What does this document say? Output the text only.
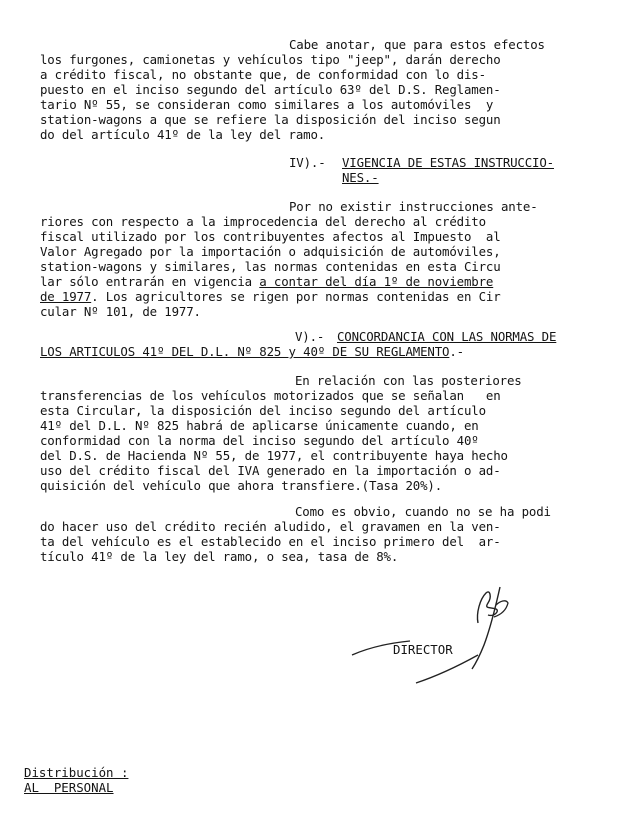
Cabe anotar, que para estos efectos
los furgones, camionetas y vehículos tipo "jeep", darán derecho
a crédito fiscal, no obstante que, de conformidad con lo dis-
puesto en el inciso segundo del artículo 63º del D.S. Reglamen-
tario Nº 55, se consideran como similares a los automóviles  y
station-wagons a que se refiere la disposición del inciso segun
do del artículo 41º de la ley del ramo.
IV).- VIGENCIA DE ESTAS INSTRUCCIO-
NES.-
Por no existir instrucciones ante-
riores con respecto a la improcedencia del derecho al crédito
fiscal utilizado por los contribuyentes afectos al Impuesto  al
Valor Agregado por la importación o adquisición de automóviles,
station-wagons y similares, las normas contenidas en esta Circu
lar sólo entrarán en vigencia a contar del día 1º de noviembre
de 1977. Los agricultores se rigen por normas contenidas en Cir
cular Nº 101, de 1977.
V).- CONCORDANCIA CON LAS NORMAS DE
LOS ARTICULOS 41º DEL D.L. Nº 825 y 40º DE SU REGLAMENTO.-
En relación con las posteriores
transferencias de los vehículos motorizados que se señalan   en
esta Circular, la disposición del inciso segundo del artículo
41º del D.L. Nº 825 habrá de aplicarse únicamente cuando, en
conformidad con la norma del inciso segundo del artículo 40º
del D.S. de Hacienda Nº 55, de 1977, el contribuyente haya hecho
uso del crédito fiscal del IVA generado en la importación o ad-
quisición del vehículo que ahora transfiere.(Tasa 20%).
Como es obvio, cuando no se ha podi
do hacer uso del crédito recién aludido, el gravamen en la ven-
ta del vehículo es el establecido en el inciso primero del  ar-
tículo 41º de la ley del ramo, o sea, tasa de 8%.
DIRECTOR
Distribución :
AL  PERSONAL
